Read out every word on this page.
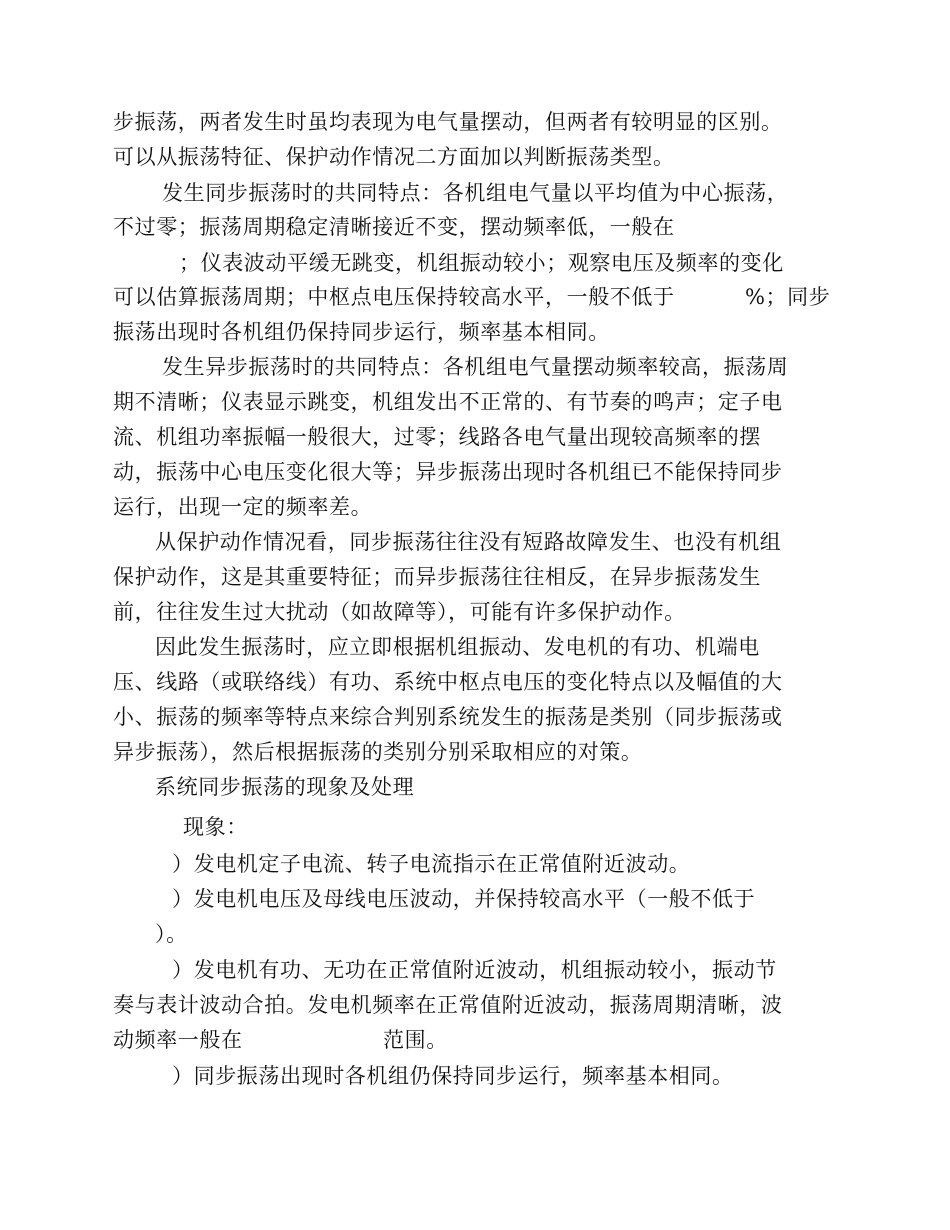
步振荡，两者发生时虽均表现为电气量摆动，但两者有较明显的区别。
可以从振荡特征、保护动作情况二方面加以判断振荡类型。
发生同步振荡时的共同特点：各机组电气量以平均值为中心振荡，
不过零；振荡周期稳定清晰接近不变，摆动频率低，一般在
；仪表波动平缓无跳变，机组振动较小；观察电压及频率的变化
可以估算振荡周期；中枢点电压保持较高水平，一般不低于	%；同步
振荡出现时各机组仍保持同步运行，频率基本相同。
发生异步振荡时的共同特点：各机组电气量摆动频率较高，振荡周
期不清晰；仪表显示跳变，机组发出不正常的、有节奏的鸣声；定子电
流、机组功率振幅一般很大，过零；线路各电气量出现较高频率的摆
动，振荡中心电压变化很大等；异步振荡出现时各机组已不能保持同步
运行，出现一定的频率差。
从保护动作情况看，同步振荡往往没有短路故障发生、也没有机组
保护动作，这是其重要特征；而异步振荡往往相反，在异步振荡发生
前，往往发生过大扰动（如故障等），可能有许多保护动作。
因此发生振荡时，应立即根据机组振动、发电机的有功、机端电
压、线路（或联络线）有功、系统中枢点电压的变化特点以及幅值的大
小、振荡的频率等特点来综合判别系统发生的振荡是类别（同步振荡或
异步振荡），然后根据振荡的类别分别采取相应的对策。
系统同步振荡的现象及处理
现象：
）发电机定子电流、转子电流指示在正常值附近波动。
）发电机电压及母线电压波动，并保持较高水平（一般不低于
）。
）发电机有功、无功在正常值附近波动，机组振动较小，振动节
奏与表计波动合拍。发电机频率在正常值附近波动，振荡周期清晰，波
动频率一般在	范围。
）同步振荡出现时各机组仍保持同步运行，频率基本相同。
